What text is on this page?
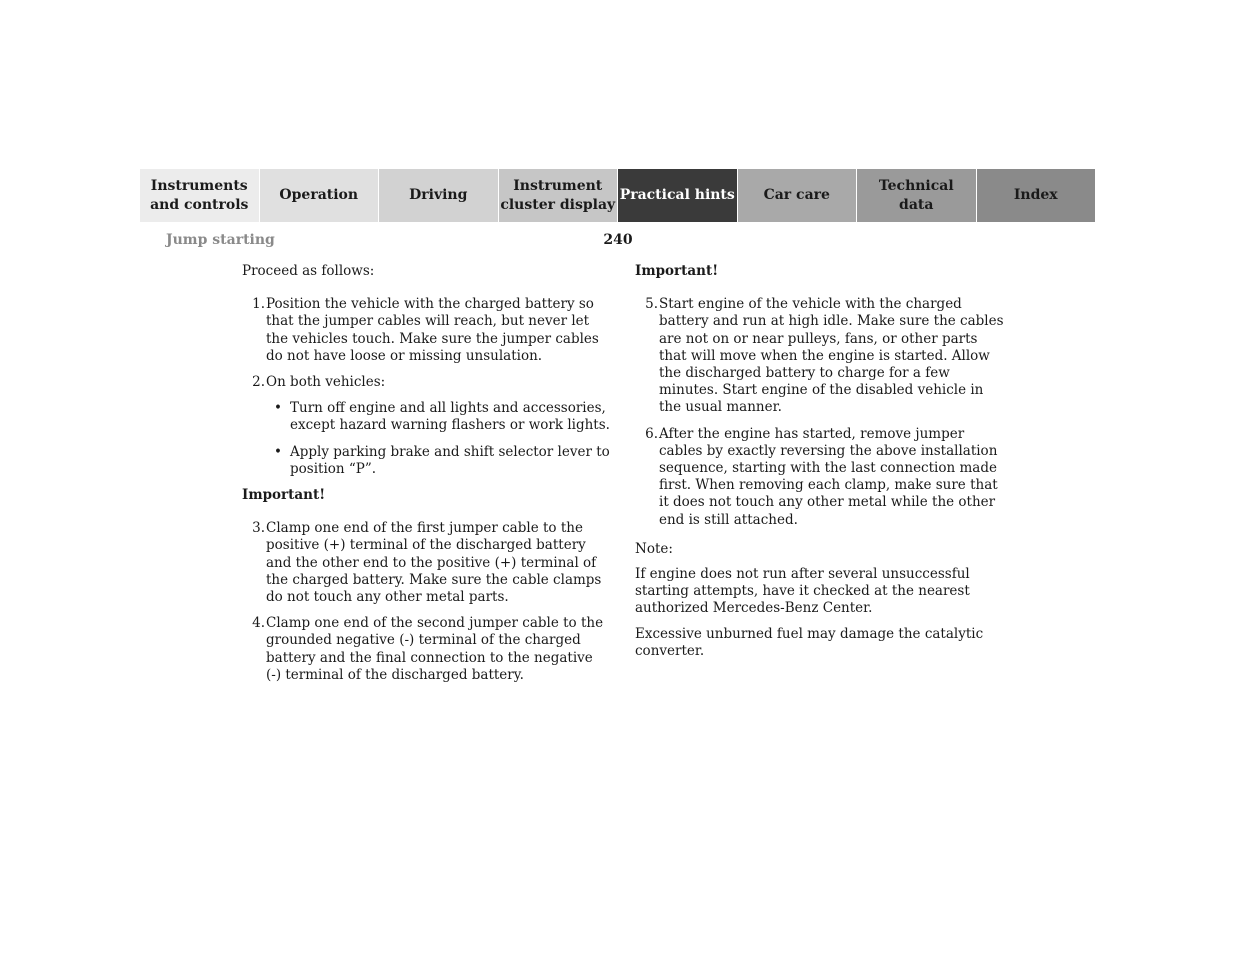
Instruments
and controls
Operation	Driving
Instrument
cluster display
Practical hints	Car care
Technical
data
Index
Jump starting	240

Proceed as follows:

1. Position the vehicle with the charged battery so that the jumper cables will reach, but never let the vehicles touch. Make sure the jumper cables do not have loose or missing unsulation.
2. On both vehicles:
• Turn off engine and all lights and accessories, except hazard warning flashers or work lights.
• Apply parking brake and shift selector lever to position “P”.

Important!

3. Clamp one end of the first jumper cable to the positive (+) terminal of the discharged battery and the other end to the positive (+) terminal of the charged battery. Make sure the cable clamps do not touch any other metal parts.
4. Clamp one end of the second jumper cable to the grounded negative (-) terminal of the charged battery and the final connection to the negative (-) terminal of the discharged battery.

Important!

5. Start engine of the vehicle with the charged battery and run at high idle. Make sure the cables are not on or near pulleys, fans, or other parts that will move when the engine is started. Allow the discharged battery to charge for a few minutes. Start engine of the disabled vehicle in the usual manner.
6. After the engine has started, remove jumper cables by exactly reversing the above installation sequence, starting with the last connection made first. When removing each clamp, make sure that it does not touch any other metal while the other end is still attached.

Note:

If engine does not run after several unsuccessful starting attempts, have it checked at the nearest authorized Mercedes-Benz Center.

Excessive unburned fuel may damage the catalytic converter.
